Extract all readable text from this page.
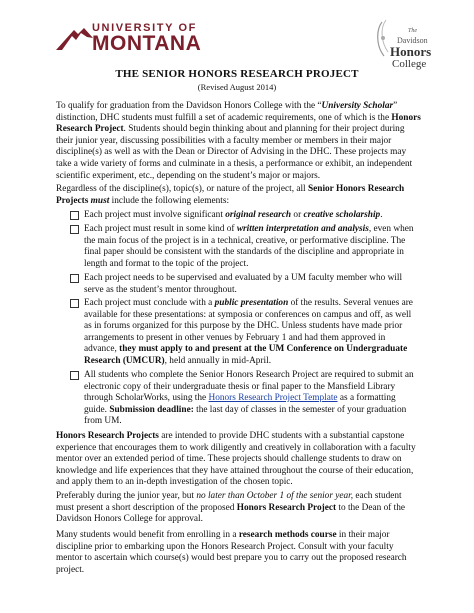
UNIVERSITY OF
MONTANA
The
Davidson
Honors
College
THE SENIOR HONORS RESEARCH PROJECT
(Revised August 2014)
To qualify for graduation from the Davidson Honors College with the “University Scholar” distinction, DHC students must fulfill a set of academic requirements, one of which is the Honors Research Project. Students should begin thinking about and planning for their project during their junior year, discussing possibilities with a faculty member or members in their major discipline(s) as well as with the Dean or Director of Advising in the DHC. These projects may take a wide variety of forms and culminate in a thesis, a performance or exhibit, an independent scientific experiment, etc., depending on the student’s major or majors.
Regardless of the discipline(s), topic(s), or nature of the project, all Senior Honors Research Projects must include the following elements:
Each project must involve significant original research or creative scholarship.
Each project must result in some kind of written interpretation and analysis, even when the main focus of the project is in a technical, creative, or performative discipline. The final paper should be consistent with the standards of the discipline and appropriate in length and format to the topic of the project.
Each project needs to be supervised and evaluated by a UM faculty member who will serve as the student’s mentor throughout.
Each project must conclude with a public presentation of the results. Several venues are available for these presentations: at symposia or conferences on campus and off, as well as in forums organized for this purpose by the DHC. Unless students have made prior arrangements to present in other venues by February 1 and had them approved in advance, they must apply to and present at the UM Conference on Undergraduate Research (UMCUR), held annually in mid-April.
All students who complete the Senior Honors Research Project are required to submit an electronic copy of their undergraduate thesis or final paper to the Mansfield Library through ScholarWorks, using the Honors Research Project Template as a formatting guide. Submission deadline: the last day of classes in the semester of your graduation from UM.
Honors Research Projects are intended to provide DHC students with a substantial capstone experience that encourages them to work diligently and creatively in collaboration with a faculty mentor over an extended period of time. These projects should challenge students to draw on knowledge and life experiences that they have attained throughout the course of their education, and apply them to an in-depth investigation of the chosen topic.
Preferably during the junior year, but no later than October 1 of the senior year, each student must present a short description of the proposed Honors Research Project to the Dean of the Davidson Honors College for approval.
Many students would benefit from enrolling in a research methods course in their major discipline prior to embarking upon the Honors Research Project. Consult with your faculty mentor to ascertain which course(s) would best prepare you to carry out the proposed research project.
